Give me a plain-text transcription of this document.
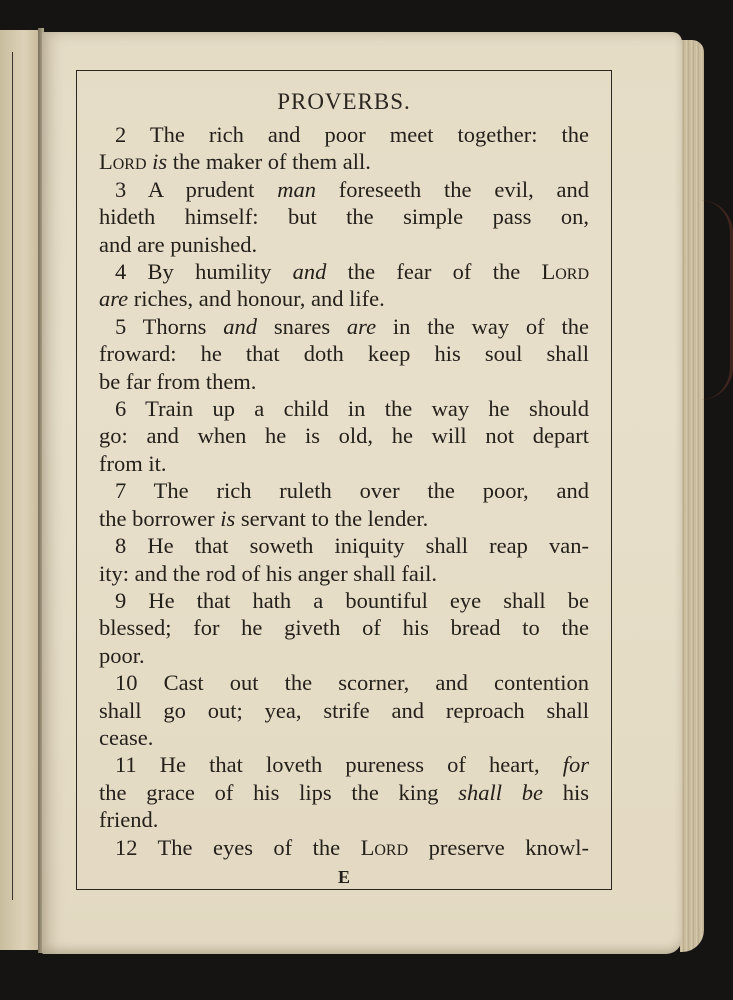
PROVERBS.
2 The rich and poor meet together: the
Lord is the maker of them all.
3 A prudent man foreseeth the evil, and
hideth himself: but the simple pass on,
and are punished.
4 By humility and the fear of the Lord
are riches, and honour, and life.
5 Thorns and snares are in the way of the
froward: he that doth keep his soul shall
be far from them.
6 Train up a child in the way he should
go: and when he is old, he will not depart
from it.
7 The rich ruleth over the poor, and
the borrower is servant to the lender.
8 He that soweth iniquity shall reap van-
ity: and the rod of his anger shall fail.
9 He that hath a bountiful eye shall be
blessed; for he giveth of his bread to the
poor.
10 Cast out the scorner, and contention
shall go out; yea, strife and reproach shall
cease.
11 He that loveth pureness of heart, for
the grace of his lips the king shall be his
friend.
12 The eyes of the Lord preserve knowl-
E
